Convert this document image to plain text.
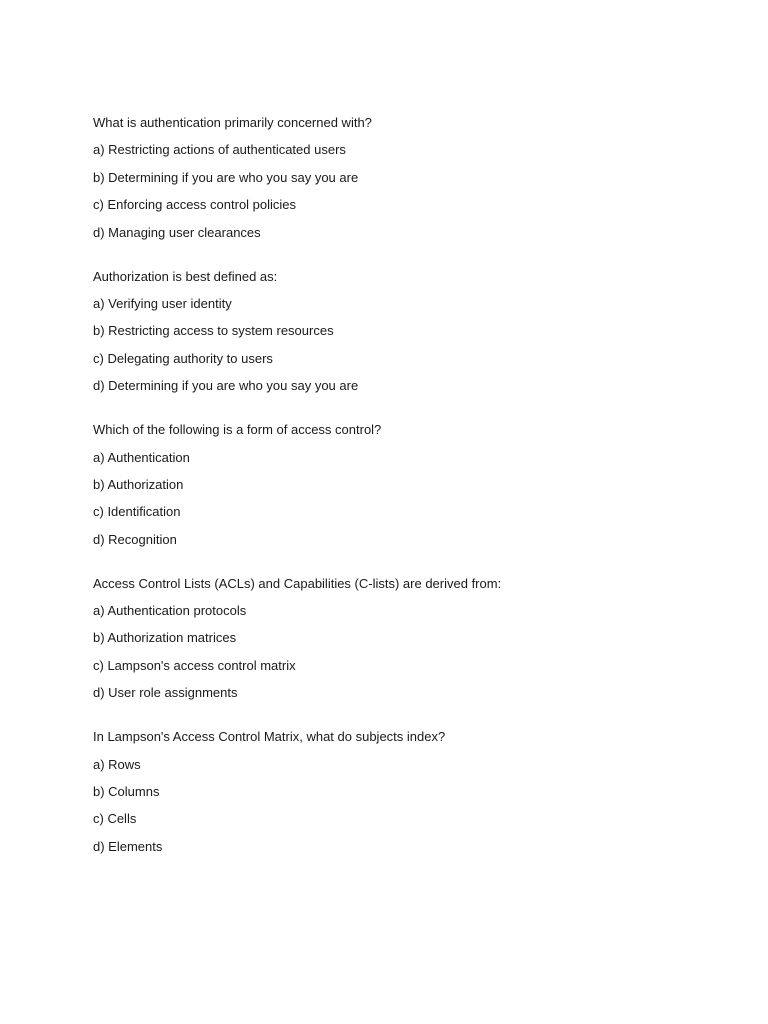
What is authentication primarily concerned with?
a) Restricting actions of authenticated users
b) Determining if you are who you say you are
c) Enforcing access control policies
d) Managing user clearances
Authorization is best defined as:
a) Verifying user identity
b) Restricting access to system resources
c) Delegating authority to users
d) Determining if you are who you say you are
Which of the following is a form of access control?
a) Authentication
b) Authorization
c) Identification
d) Recognition
Access Control Lists (ACLs) and Capabilities (C-lists) are derived from:
a) Authentication protocols
b) Authorization matrices
c) Lampson's access control matrix
d) User role assignments
In Lampson's Access Control Matrix, what do subjects index?
a) Rows
b) Columns
c) Cells
d) Elements
